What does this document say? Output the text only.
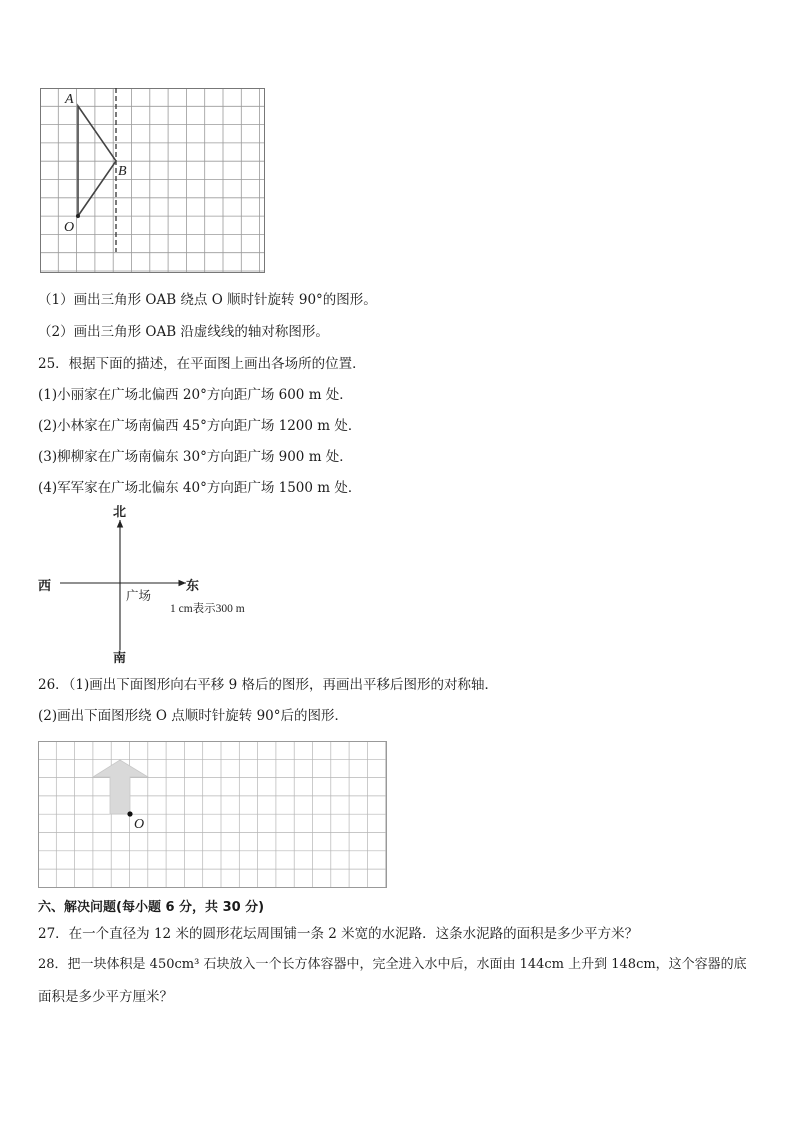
A
B
O
（1）画出三角形 OAB 绕点 O 顺时针旋转 90°的图形。
（2）画出三角形 OAB 沿虚线线的轴对称图形。
25．根据下面的描述，在平面图上画出各场所的位置．
(1)小丽家在广场北偏西 20°方向距广场 600 m 处．
(2)小林家在广场南偏西 45°方向距广场 1200 m 处．
(3)柳柳家在广场南偏东 30°方向距广场 900 m 处．
(4)军军家在广场北偏东 40°方向距广场 1500 m 处．
北
南
西	东
广场
1 cm表示300 m
26．（1)画出下面图形向右平移 9 格后的图形，再画出平移后图形的对称轴．
(2)画出下面图形绕 O 点顺时针旋转 90°后的图形．
O
六、解决问题(每小题 6 分，共 30 分)
27．在一个直径为 12 米的圆形花坛周围铺一条 2 米宽的水泥路．这条水泥路的面积是多少平方米？
28．把一块体积是 450cm³ 石块放入一个长方体容器中，完全进入水中后，水面由 144cm 上升到 148cm，这个容器的底
面积是多少平方厘米？
